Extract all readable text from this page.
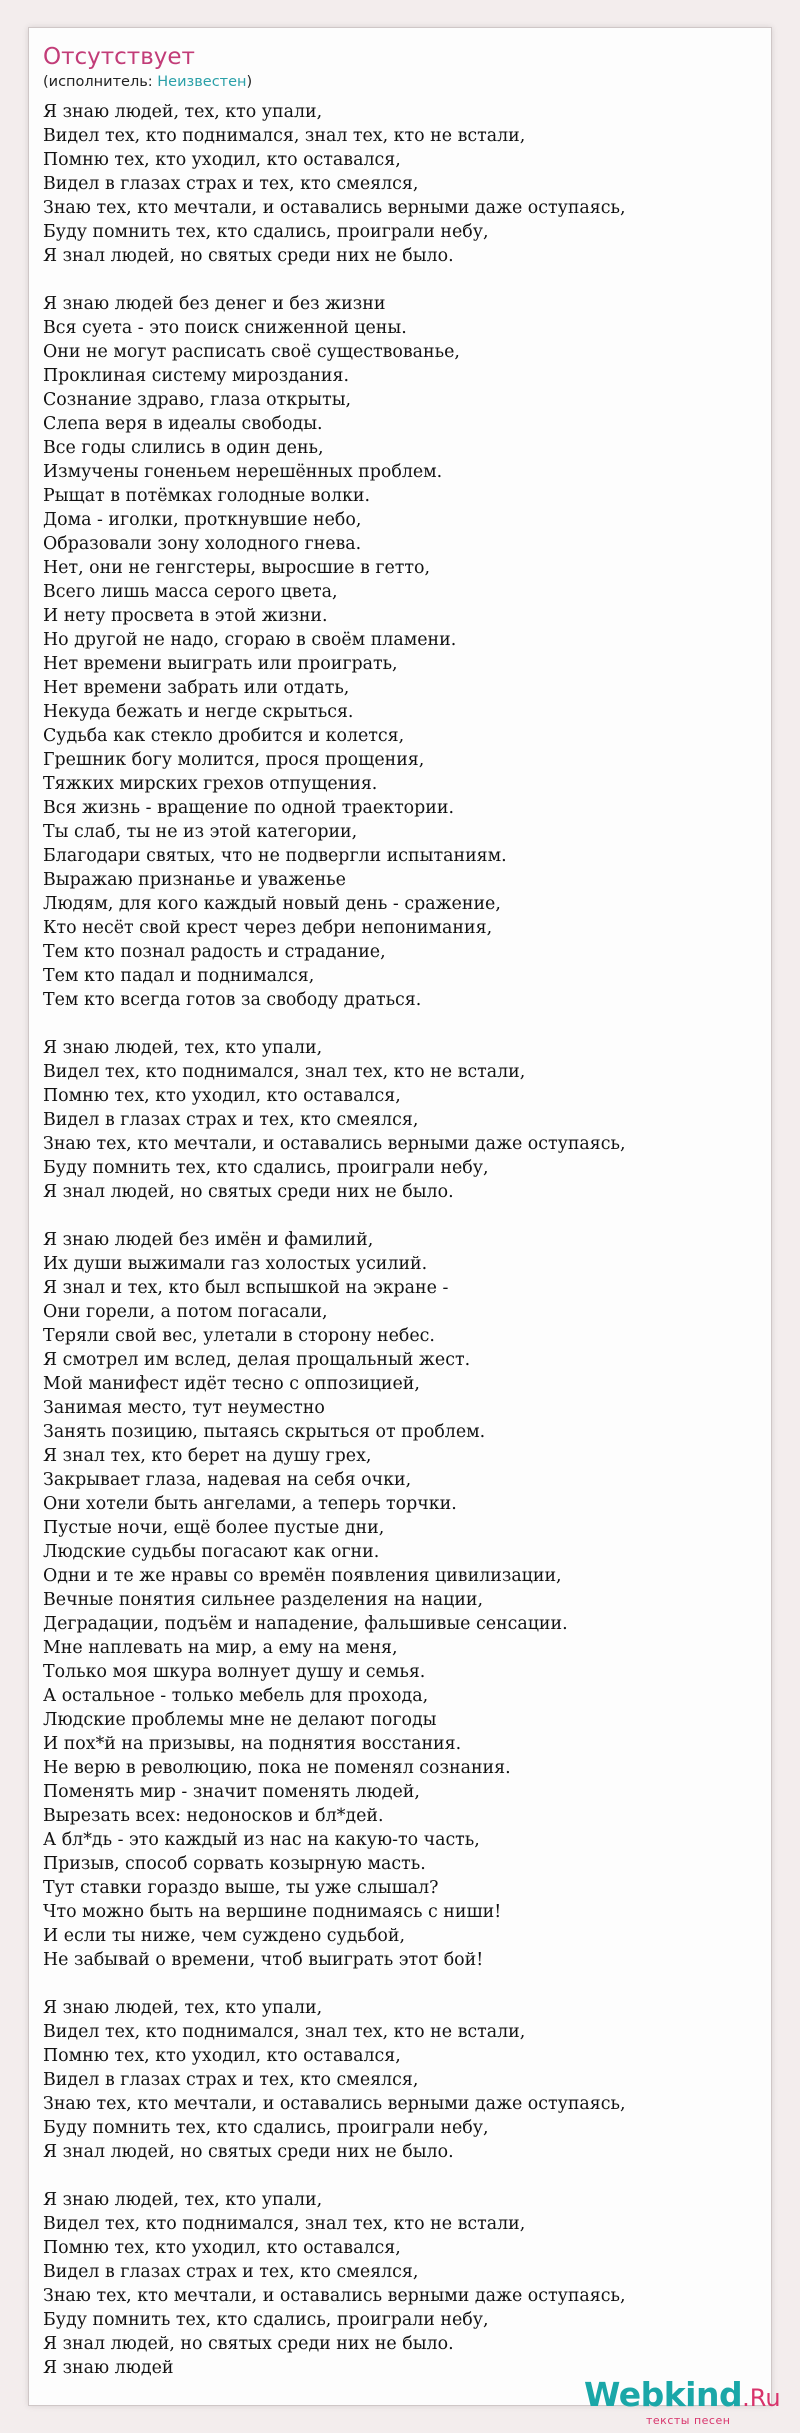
Отсутствует
(исполнитель: Неизвестен)
Я знаю людей, тех, кто упали,
Видел тех, кто поднимался, знал тех, кто не встали,
Помню тех, кто уходил, кто оставался,
Видел в глазах страх и тех, кто смеялся,
Знаю тех, кто мечтали, и оставались верными даже оступаясь,
Буду помнить тех, кто сдались, проиграли небу,
Я знал людей, но святых среди них не было.
Я знаю людей без денег и без жизни
Вся суета - это поиск сниженной цены.
Они не могут расписать своё существованье,
Проклиная систему мироздания.
Сознание здраво, глаза открыты,
Слепа веря в идеалы свободы.
Все годы слились в один день,
Измучены гоненьем нерешённых проблем.
Рыщат в потёмках голодные волки.
Дома - иголки, проткнувшие небо,
Образовали зону холодного гнева.
Нет, они не генгстеры, выросшие в гетто,
Всего лишь масса серого цвета,
И нету просвета в этой жизни.
Но другой не надо, сгораю в своём пламени.
Нет времени выиграть или проиграть,
Нет времени забрать или отдать,
Некуда бежать и негде скрыться.
Судьба как стекло дробится и колется,
Грешник богу молится, прося прощения,
Тяжких мирских грехов отпущения.
Вся жизнь - вращение по одной траектории.
Ты слаб, ты не из этой категории,
Благодари святых, что не подвергли испытаниям.
Выражаю признанье и уваженье
Людям, для кого каждый новый день - сражение,
Кто несёт свой крест через дебри непонимания,
Тем кто познал радость и страдание,
Тем кто падал и поднимался,
Тем кто всегда готов за свободу драться.
Я знаю людей, тех, кто упали,
Видел тех, кто поднимался, знал тех, кто не встали,
Помню тех, кто уходил, кто оставался,
Видел в глазах страх и тех, кто смеялся,
Знаю тех, кто мечтали, и оставались верными даже оступаясь,
Буду помнить тех, кто сдались, проиграли небу,
Я знал людей, но святых среди них не было.
Я знаю людей без имён и фамилий,
Их души выжимали газ холостых усилий.
Я знал и тех, кто был вспышкой на экране -
Они горели, а потом погасали,
Теряли свой вес, улетали в сторону небес.
Я смотрел им вслед, делая прощальный жест.
Мой манифест идёт тесно с оппозицией,
Занимая место, тут неуместно
Занять позицию, пытаясь скрыться от проблем.
Я знал тех, кто берет на душу грех,
Закрывает глаза, надевая на себя очки,
Они хотели быть ангелами, а теперь торчки.
Пустые ночи, ещё более пустые дни,
Людские судьбы погасают как огни.
Одни и те же нравы со времён появления цивилизации,
Вечные понятия сильнее разделения на нации,
Деградации, подъём и нападение, фальшивые сенсации.
Мне наплевать на мир, а ему на меня,
Только моя шкура волнует душу и семья.
А остальное - только мебель для прохода,
Людские проблемы мне не делают погоды
И пох*й на призывы, на поднятия восстания.
Не верю в революцию, пока не поменял сознания.
Поменять мир - значит поменять людей,
Вырезать всех: недоносков и бл*дей.
А бл*дь - это каждый из нас на какую-то часть,
Призыв, способ сорвать козырную масть.
Тут ставки гораздо выше, ты уже слышал?
Что можно быть на вершине поднимаясь с ниши!
И если ты ниже, чем суждено судьбой,
Не забывай о времени, чтоб выиграть этот бой!
Я знаю людей, тех, кто упали,
Видел тех, кто поднимался, знал тех, кто не встали,
Помню тех, кто уходил, кто оставался,
Видел в глазах страх и тех, кто смеялся,
Знаю тех, кто мечтали, и оставались верными даже оступаясь,
Буду помнить тех, кто сдались, проиграли небу,
Я знал людей, но святых среди них не было.
Я знаю людей, тех, кто упали,
Видел тех, кто поднимался, знал тех, кто не встали,
Помню тех, кто уходил, кто оставался,
Видел в глазах страх и тех, кто смеялся,
Знаю тех, кто мечтали, и оставались верными даже оступаясь,
Буду помнить тех, кто сдались, проиграли небу,
Я знал людей, но святых среди них не было.
Я знаю людей
Webkind.Ru
тексты песен
